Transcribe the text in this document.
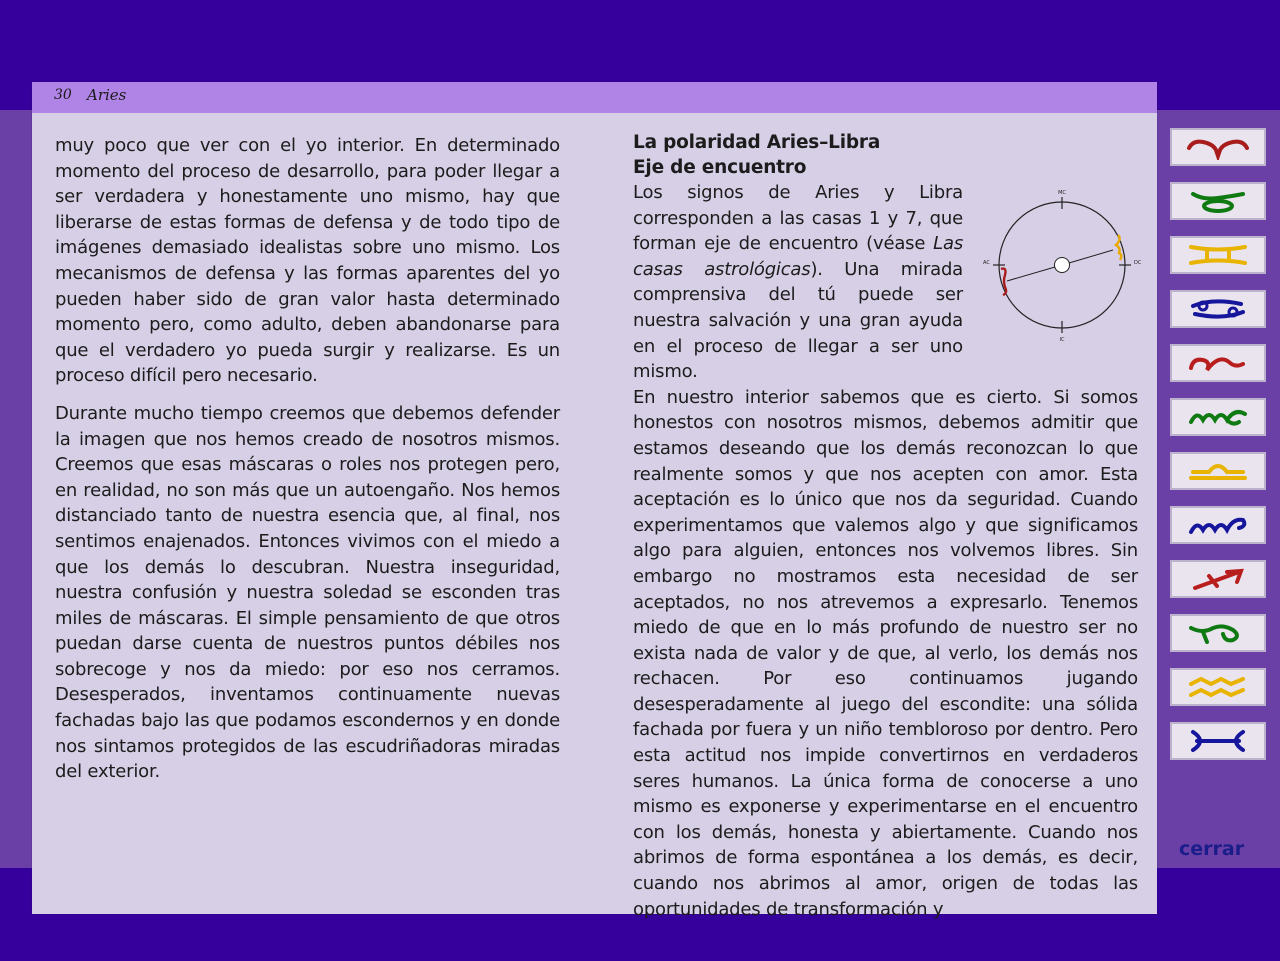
30 Aries

muy poco que ver con el yo interior. En determinado momento del proceso de desarrollo, para poder llegar a ser verdadera y honestamente uno mismo, hay que liberarse de estas formas de defensa y de todo tipo de imágenes demasiado idealistas sobre uno mismo. Los mecanismos de defensa y las formas aparentes del yo pueden haber sido de gran valor hasta determinado momento pero, como adulto, deben abandonarse para que el verdadero yo pueda surgir y realizarse. Es un proceso difícil pero necesario.

Durante mucho tiempo creemos que debemos defender la imagen que nos hemos creado de nosotros mismos. Creemos que esas máscaras o roles nos protegen pero, en realidad, no son más que un autoengaño. Nos hemos distanciado tanto de nuestra esencia que, al final, nos sentimos enajenados. Entonces vivimos con el miedo a que los demás lo descubran. Nuestra inseguridad, nuestra confusión y nuestra soledad se esconden tras miles de máscaras. El simple pensamiento de que otros puedan darse cuenta de nuestros puntos débiles nos sobrecoge y nos da miedo: por eso nos cerramos. Desesperados, inventamos continuamente nuevas fachadas bajo las que podamos escondernos y en donde nos sintamos protegidos de las escudriñadoras miradas del exterior.

La polaridad Aries–Libra
Eje de encuentro

Los signos de Aries y Libra corresponden a las casas 1 y 7, que forman eje de encuentro (véase Las casas astrológicas). Una mirada comprensiva del tú puede ser nuestra salvación y una gran ayuda en el proceso de llegar a ser uno mismo.

En nuestro interior sabemos que es cierto. Si somos honestos con nosotros mismos, debemos admitir que estamos deseando que los demás reconozcan lo que realmente somos y que nos acepten con amor. Esta aceptación es lo único que nos da seguridad. Cuando experimentamos que valemos algo y que significamos algo para alguien, entonces nos volvemos libres. Sin embargo no mostramos esta necesidad de ser aceptados, no nos atrevemos a expresarlo. Tenemos miedo de que en lo más profundo de nuestro ser no exista nada de valor y de que, al verlo, los demás nos rechacen. Por eso continuamos jugando desesperadamente al juego del escondite: una sólida fachada por fuera y un niño tembloroso por dentro. Pero esta actitud nos impide convertirnos en verdaderos seres humanos. La única forma de conocerse a uno mismo es exponerse y experimentarse en el encuentro con los demás, honesta y abiertamente. Cuando nos abrimos de forma espontánea a los demás, es decir, cuando nos abrimos al amor, origen de todas las oportunidades de transformación y

MC
IC
AC	DC
cerrar
